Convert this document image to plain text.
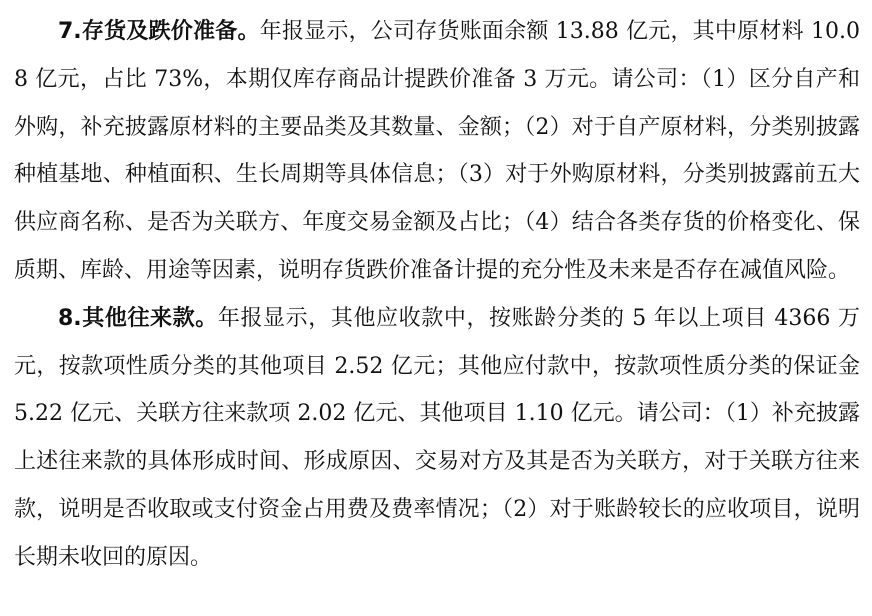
7.存货及跌价准备。年报显示，公司存货账面余额 13.88 亿元，其中原材料 10.08 亿元，占比 73%，本期仅库存商品计提跌价准备 3 万元。请公司：（1）区分自产和外购，补充披露原材料的主要品类及其数量、金额；（2）对于自产原材料，分类别披露种植基地、种植面积、生长周期等具体信息；（3）对于外购原材料，分类别披露前五大供应商名称、是否为关联方、年度交易金额及占比；（4）结合各类存货的价格变化、保质期、库龄、用途等因素，说明存货跌价准备计提的充分性及未来是否存在减值风险。

8.其他往来款。年报显示，其他应收款中，按账龄分类的 5 年以上项目 4366 万元，按款项性质分类的其他项目 2.52 亿元；其他应付款中，按款项性质分类的保证金 5.22 亿元、关联方往来款项 2.02 亿元、其他项目 1.10 亿元。请公司：（1）补充披露上述往来款的具体形成时间、形成原因、交易对方及其是否为关联方，对于关联方往来款，说明是否收取或支付资金占用费及费率情况；（2）对于账龄较长的应收项目，说明长期未收回的原因。
